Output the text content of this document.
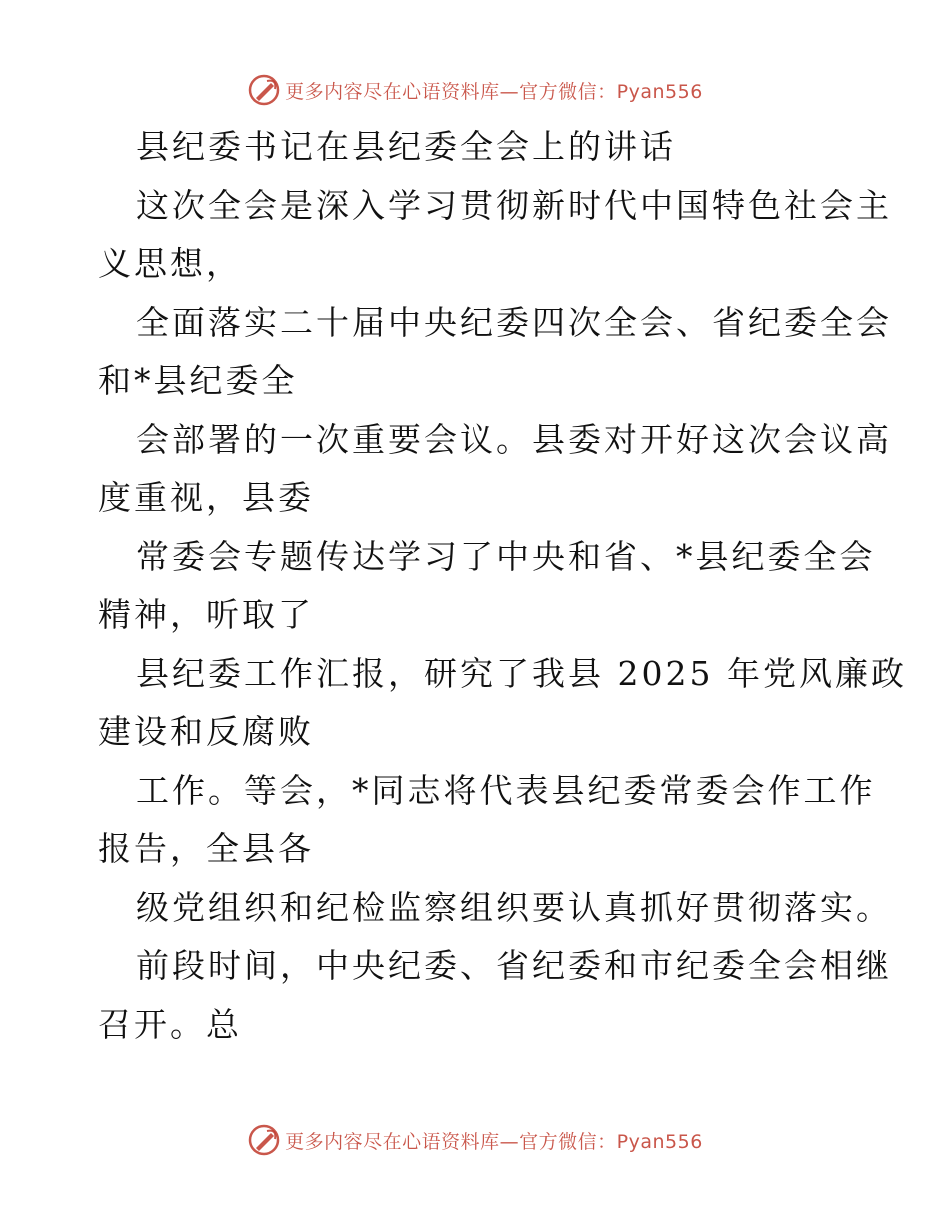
更多内容尽在心语资料库—官方微信：Pyan556
县纪委书记在县纪委全会上的讲话
这次全会是深入学习贯彻新时代中国特色社会主
义思想，
全面落实二十届中央纪委四次全会、省纪委全会
和*县纪委全
会部署的一次重要会议。县委对开好这次会议高
度重视，县委
常委会专题传达学习了中央和省、*县纪委全会
精神，听取了
县纪委工作汇报，研究了我县 2025 年党风廉政
建设和反腐败
工作。等会，*同志将代表县纪委常委会作工作
报告，全县各
级党组织和纪检监察组织要认真抓好贯彻落实。
前段时间，中央纪委、省纪委和市纪委全会相继
召开。总
更多内容尽在心语资料库—官方微信：Pyan556
